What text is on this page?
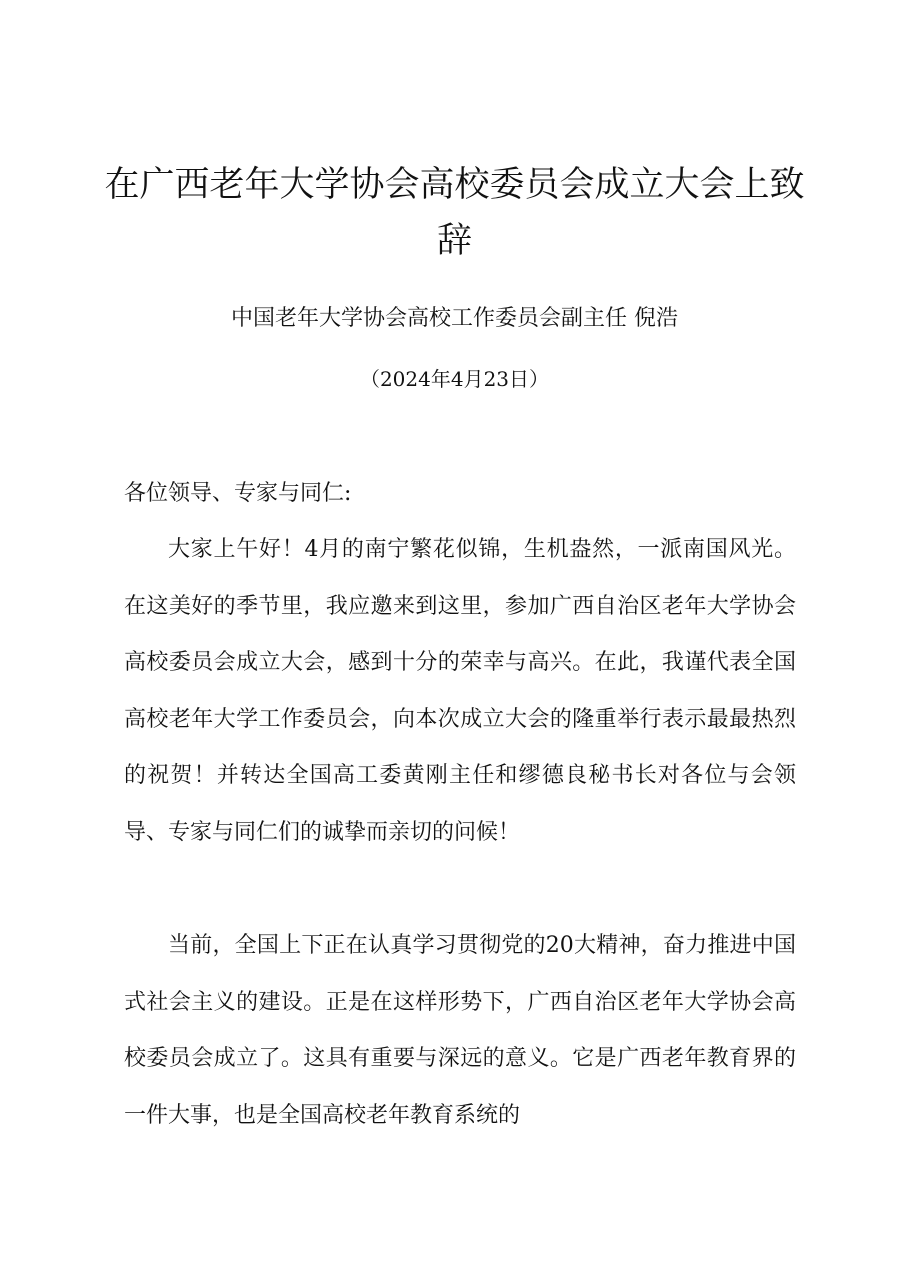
在广西老年大学协会高校委员会成立大会上致
辞

中国老年大学协会高校工作委员会副主任 倪浩

（2024年4月23日）

各位领导、专家与同仁:

大家上午好！4月的南宁繁花似锦，生机盎然，一派南国风光。在这美好的季节里，我应邀来到这里，参加广西自治区老年大学协会高校委员会成立大会，感到十分的荣幸与高兴。在此，我谨代表全国高校老年大学工作委员会，向本次成立大会的隆重举行表示最最热烈的祝贺！并转达全国高工委黄刚主任和缪德良秘书长对各位与会领导、专家与同仁们的诚挚而亲切的问候！

当前，全国上下正在认真学习贯彻党的20大精神，奋力推进中国式社会主义的建设。正是在这样形势下，广西自治区老年大学协会高校委员会成立了。这具有重要与深远的意义。它是广西老年教育界的一件大事，也是全国高校老年教育系统的
